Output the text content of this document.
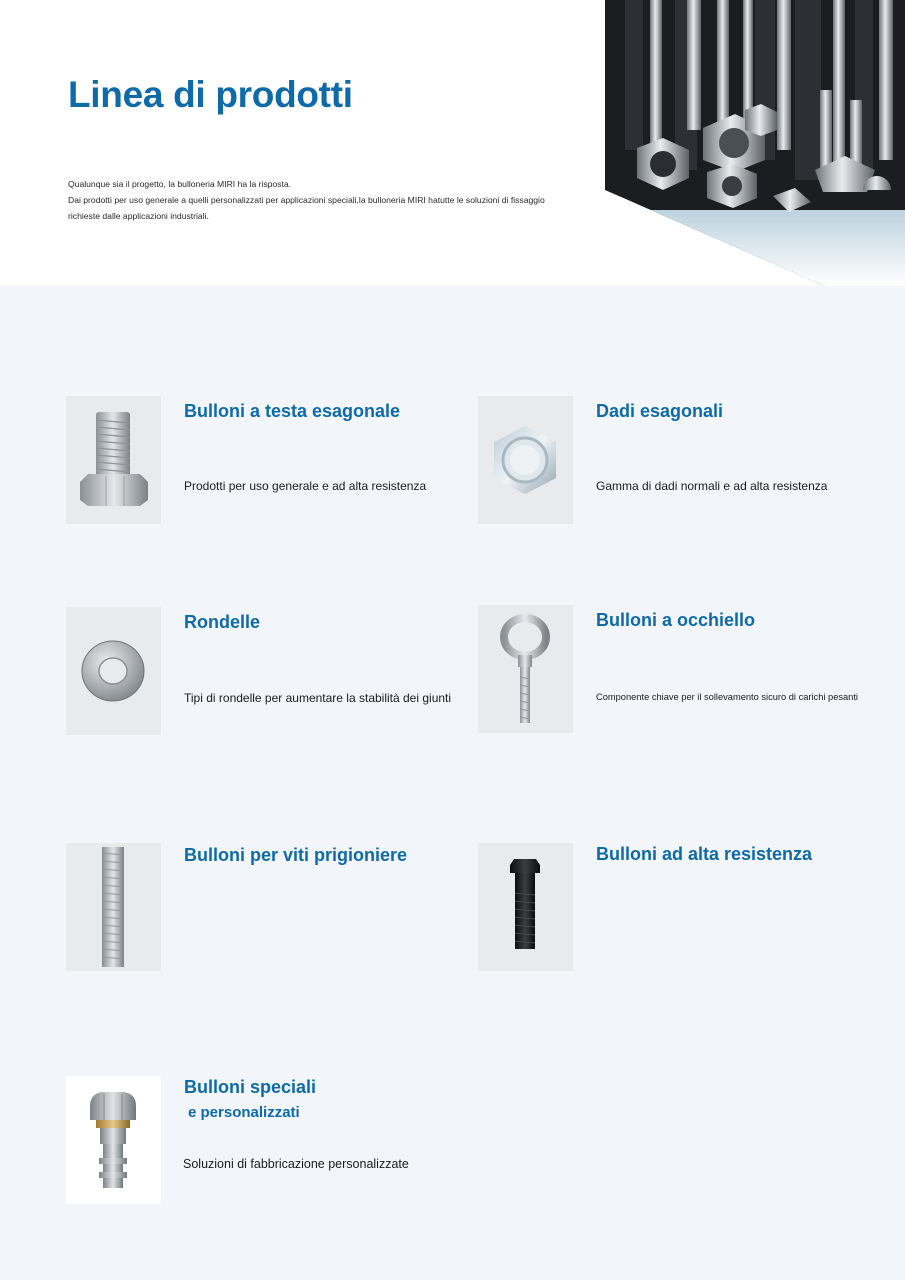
Linea di prodotti

Qualunque sia il progetto, la bulloneria MIRI ha la risposta.

Dai prodotti per uso generale a quelli personalizzati per applicazioni speciali,la bulloneria MIRI hatutte le soluzioni di fissaggio

richieste dalle applicazioni industriali.

Bulloni a testa esagonale
Prodotti per uso generale e ad alta resistenza
Dadi esagonali
Gamma di dadi normali e ad alta resistenza
Rondelle
Tipi di rondelle per aumentare la stabilità dei giunti
Bulloni a occhiello
Componente chiave per il sollevamento sicuro di carichi pesanti
Bulloni per viti prigioniere	Bulloni ad alta resistenza
Bulloni speciali
e personalizzati
Soluzioni di fabbricazione personalizzate
